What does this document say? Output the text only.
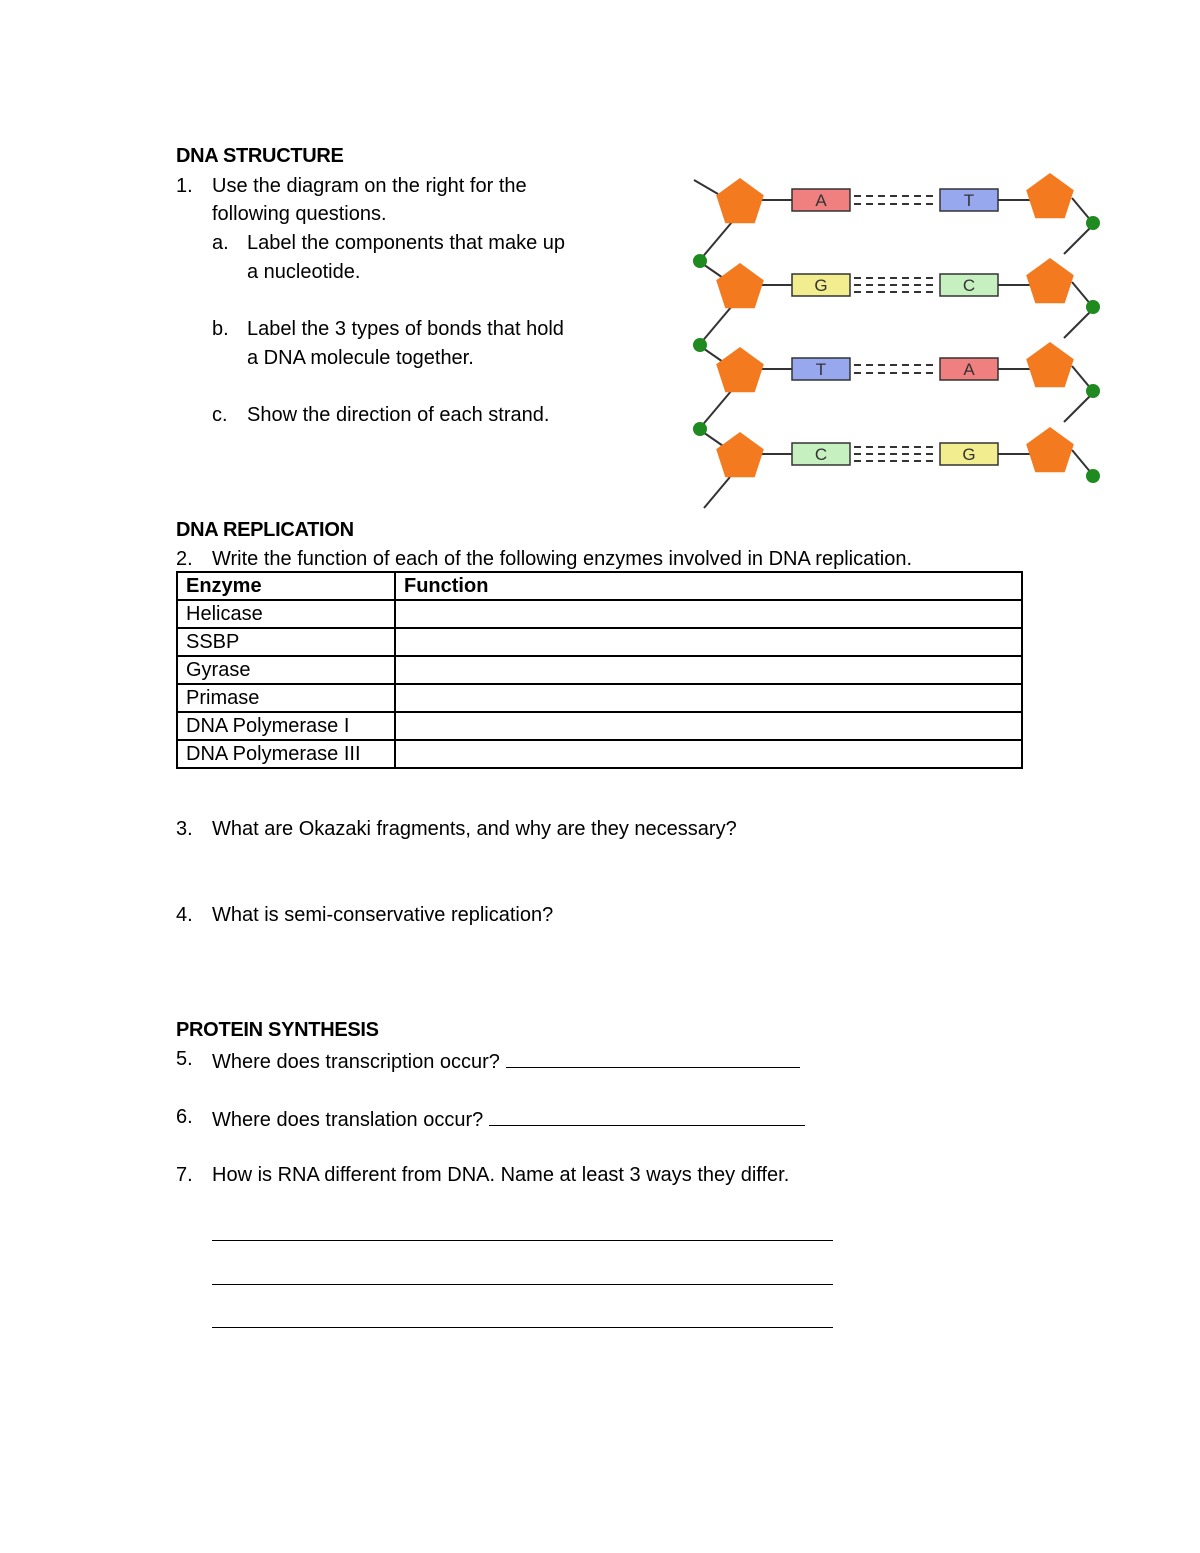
DNA STRUCTURE
1. Use the diagram on the right for the
following questions.
a. Label the components that make up
a nucleotide.
b. Label the 3 types of bonds that hold
a DNA molecule together.
c. Show the direction of each strand.
A	T
G	C
T	A
C	G
DNA REPLICATION
2. Write the function of each of the following enzymes involved in DNA replication.
Enzyme	Function
Helicase	
SSBP	
Gyrase	
Primase	
DNA Polymerase I	
DNA Polymerase III	
3. What are Okazaki fragments, and why are they necessary?
4. What is semi-conservative replication?
PROTEIN SYNTHESIS
5. Where does transcription occur?
6. Where does translation occur?
7. How is RNA different from DNA. Name at least 3 ways they differ.
